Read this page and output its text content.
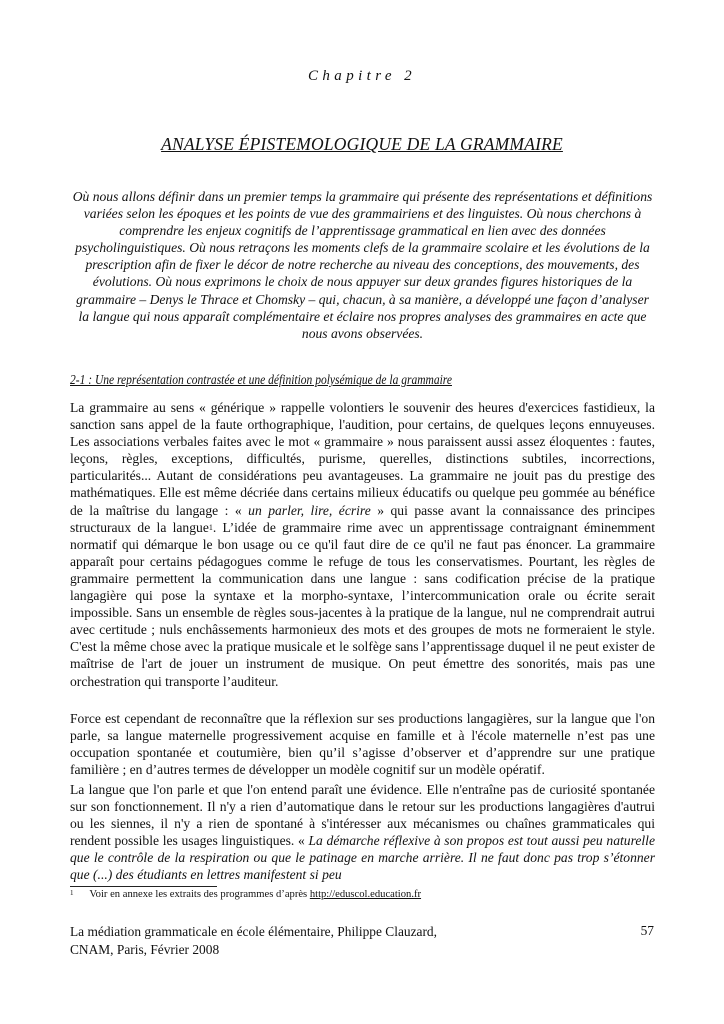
Chapitre 2
ANALYSE ÉPISTEMOLOGIQUE DE LA GRAMMAIRE
Où nous allons définir dans un premier temps la grammaire qui présente des représentations et définitions variées selon les époques et les points de vue des grammairiens et des linguistes. Où nous cherchons à comprendre les enjeux cognitifs de l’apprentissage grammatical en lien avec des données psycholinguistiques. Où nous retraçons les moments clefs de la grammaire scolaire et les évolutions de la prescription afin de fixer le décor de notre recherche au niveau des conceptions, des mouvements, des évolutions. Où nous exprimons le choix de nous appuyer sur deux grandes figures historiques de la grammaire – Denys le Thrace et Chomsky – qui, chacun, à sa manière, a développé une façon d’analyser la langue qui nous apparaît complémentaire et éclaire nos propres analyses des grammaires en acte que nous avons observées.
2-1 : Une représentation contrastée et une définition polysémique de la grammaire

La grammaire au sens « générique » rappelle volontiers le souvenir des heures d'exercices fastidieux, la sanction sans appel de la faute orthographique, l'audition, pour certains, de quelques leçons ennuyeuses. Les associations verbales faites avec le mot « grammaire » nous paraissent aussi assez éloquentes : fautes, leçons, règles, exceptions, difficultés, purisme, querelles, distinctions subtiles, incorrections, particularités... Autant de considérations peu avantageuses. La grammaire ne jouit pas du prestige des mathématiques. Elle est même décriée dans certains milieux éducatifs ou quelque peu gommée au bénéfice de la maîtrise du langage : « un parler, lire, écrire » qui passe avant la connaissance des principes structuraux de la langue$^1$. L’idée de grammaire rime avec un apprentissage contraignant éminemment normatif qui démarque le bon usage ou ce qu'il faut dire de ce qu'il ne faut pas énoncer. La grammaire apparaît pour certains pédagogues comme le refuge de tous les conservatismes. Pourtant, les règles de grammaire permettent la communication dans une langue : sans codification précise de la pratique langagière qui pose la syntaxe et la morpho-syntaxe, l’intercommunication orale ou écrite serait impossible. Sans un ensemble de règles sous-jacentes à la pratique de la langue, nul ne comprendrait autrui avec certitude ; nuls enchâssements harmonieux des mots et des groupes de mots ne formeraient le style. C'est la même chose avec la pratique musicale et le solfège sans l’apprentissage duquel il ne peut exister de maîtrise de l'art de jouer un instrument de musique. On peut émettre des sonorités, mais pas une orchestration qui transporte l’auditeur.

Force est cependant de reconnaître que la réflexion sur ses productions langagières, sur la langue que l'on parle, sa langue maternelle progressivement acquise en famille et à l'école maternelle n’est pas une occupation spontanée et coutumière, bien qu’il s’agisse d’observer et d’apprendre sur une pratique familière ; en d’autres termes de développer un modèle cognitif sur un modèle opératif.

La langue que l'on parle et que l'on entend paraît une évidence. Elle n'entraîne pas de curiosité spontanée sur son fonctionnement. Il n'y a rien d’automatique dans le retour sur les productions langagières d'autrui ou les siennes, il n'y a rien de spontané à s'intéresser aux mécanismes ou chaînes grammaticales qui rendent possible les usages linguistiques. « La démarche réflexive à son propos est tout aussi peu naturelle que le contrôle de la respiration ou que le patinage en marche arrière. Il ne faut donc pas trop s’étonner que (...) des étudiants en lettres manifestent si peu

$^1$ Voir en annexe les extraits des programmes d’après http://eduscol.education.fr
La médiation grammaticale en école élémentaire, Philippe Clauzard,
CNAM, Paris, Février 2008
57
